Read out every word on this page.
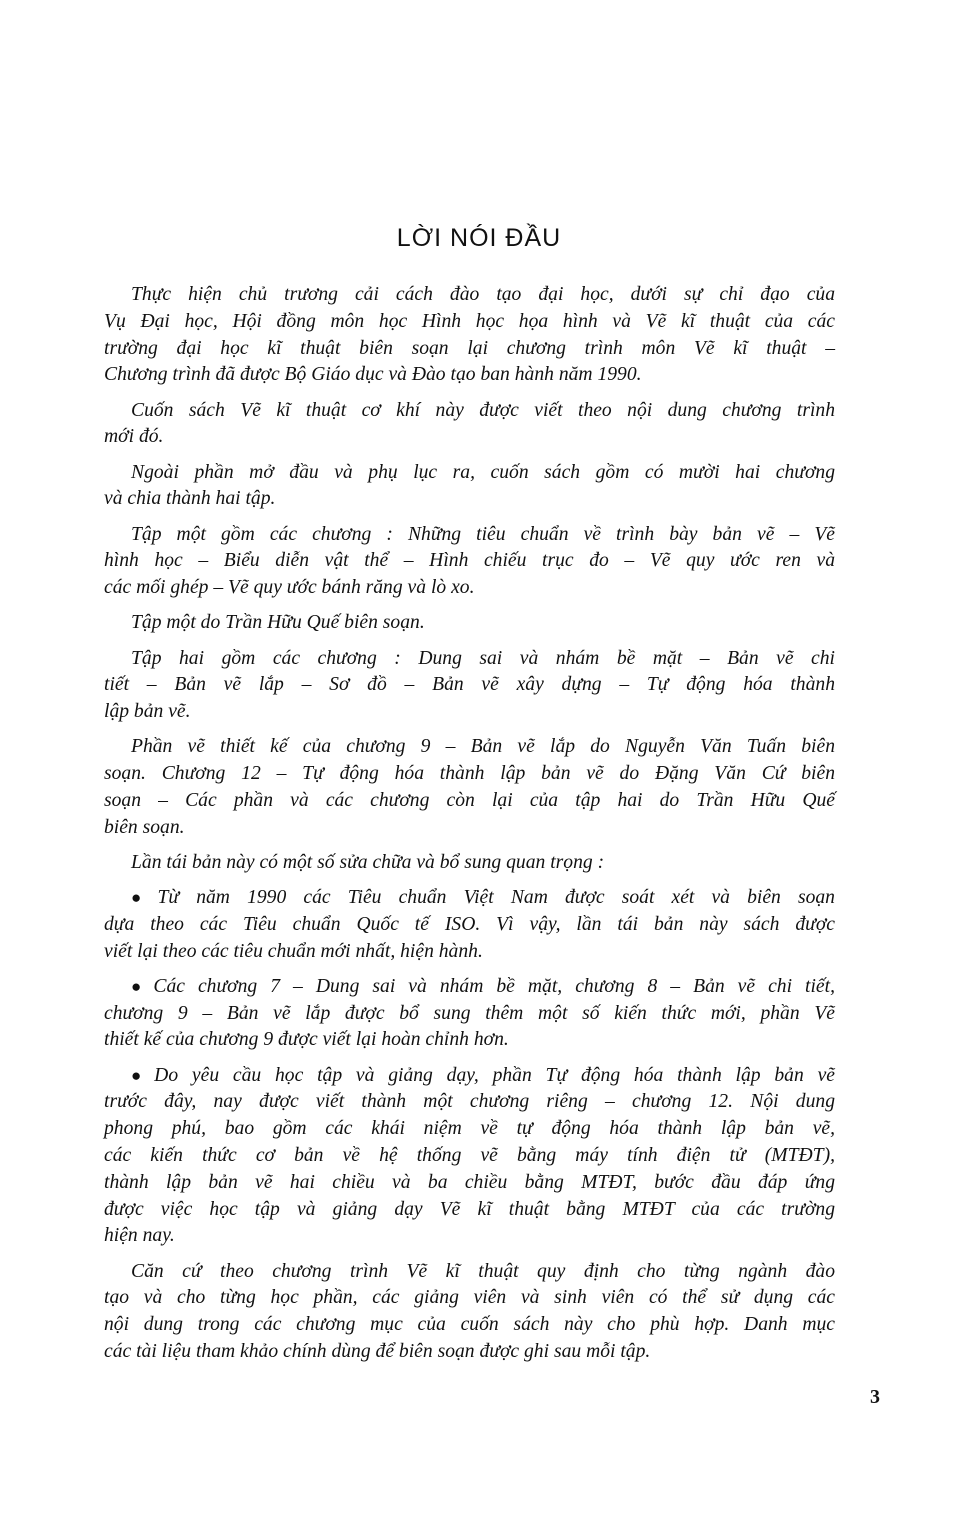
LỜI NÓI ĐẦU
Thực hiện chủ trương cải cách đào tạo đại học, dưới sự chỉ đạo của
Vụ Đại học, Hội đồng môn học Hình học họa hình và Vẽ kĩ thuật của các
trường đại học kĩ thuật biên soạn lại chương trình môn Vẽ kĩ thuật –
Chương trình đã được Bộ Giáo dục và Đào tạo ban hành năm 1990.
Cuốn sách Vẽ kĩ thuật cơ khí này được viết theo nội dung chương trình
mới đó.
Ngoài phần mở đầu và phụ lục ra, cuốn sách gồm có mười hai chương
và chia thành hai tập.
Tập một gồm các chương : Những tiêu chuẩn về trình bày bản vẽ – Vẽ
hình học – Biểu diễn vật thể – Hình chiếu trục đo – Vẽ quy ước ren và
các mối ghép – Vẽ quy ước bánh răng và lò xo.
Tập một do Trần Hữu Quế biên soạn.
Tập hai gồm các chương : Dung sai và nhám bề mặt – Bản vẽ chi
tiết – Bản vẽ lắp – Sơ đồ – Bản vẽ xây dựng – Tự động hóa thành
lập bản vẽ.
Phần vẽ thiết kế của chương 9 – Bản vẽ lắp do Nguyễn Văn Tuấn biên
soạn. Chương 12 – Tự động hóa thành lập bản vẽ do Đặng Văn Cứ biên
soạn – Các phần và các chương còn lại của tập hai do Trần Hữu Quế
biên soạn.
Lần tái bản này có một số sửa chữa và bổ sung quan trọng :
● Từ năm 1990 các Tiêu chuẩn Việt Nam được soát xét và biên soạn
dựa theo các Tiêu chuẩn Quốc tế ISO. Vì vậy, lần tái bản này sách được
viết lại theo các tiêu chuẩn mới nhất, hiện hành.
● Các chương 7 – Dung sai và nhám bề mặt, chương 8 – Bản vẽ chi tiết,
chương 9 – Bản vẽ lắp được bổ sung thêm một số kiến thức mới, phần Vẽ
thiết kế của chương 9 được viết lại hoàn chỉnh hơn.
● Do yêu cầu học tập và giảng dạy, phần Tự động hóa thành lập bản vẽ
trước đây, nay được viết thành một chương riêng – chương 12. Nội dung
phong phú, bao gồm các khái niệm về tự động hóa thành lập bản vẽ,
các kiến thức cơ bản về hệ thống vẽ bằng máy tính điện tử (MTĐT),
thành lập bản vẽ hai chiều và ba chiều bằng MTĐT, bước đầu đáp ứng
được việc học tập và giảng dạy Vẽ kĩ thuật bằng MTĐT của các trường
hiện nay.
Căn cứ theo chương trình Vẽ kĩ thuật quy định cho từng ngành đào
tạo và cho từng học phần, các giảng viên và sinh viên có thể sử dụng các
nội dung trong các chương mục của cuốn sách này cho phù hợp. Danh mục
các tài liệu tham khảo chính dùng để biên soạn được ghi sau mỗi tập.
3
